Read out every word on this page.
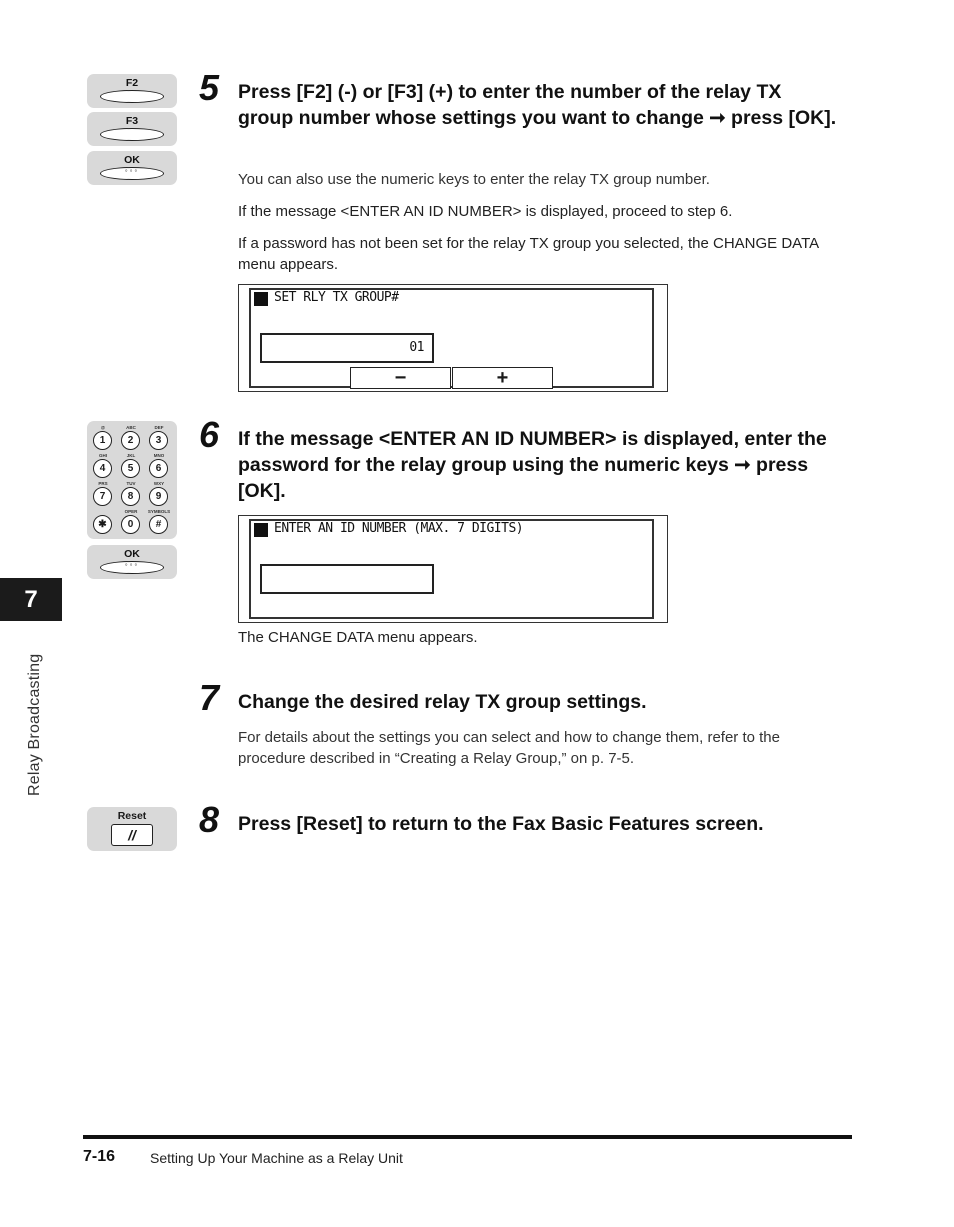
7
Relay Broadcasting
F2
F3
OK
◦◦◦
5 Press [F2] (-) or [F3] (+) to enter the number of the relay TX group number whose settings you want to change ➞ press [OK].
You can also use the numeric keys to enter the relay TX group number.
If the message <ENTER AN ID NUMBER> is displayed, proceed to step 6.
If a password has not been set for the relay TX group you selected, the CHANGE DATA menu appears.
SET RLY TX GROUP#
01
−	+
@
1
ABC
2
DEF
3
GHI
4
JKL
5
MNO
6
PRS
7
TUV
8
WXY
9
✱
OPER
0
SYMBOLS
#
OK
◦◦◦
6 If the message <ENTER AN ID NUMBER> is displayed, enter the password for the relay group using the numeric keys ➞ press [OK].
ENTER AN ID NUMBER (MAX. 7 DIGITS)
The CHANGE DATA menu appears.
7 Change the desired relay TX group settings.
For details about the settings you can select and how to change them, refer to the procedure described in “Creating a Relay Group,” on p. 7-5.
Reset
//	8 Press [Reset] to return to the Fax Basic Features screen.
7-16 Setting Up Your Machine as a Relay Unit
